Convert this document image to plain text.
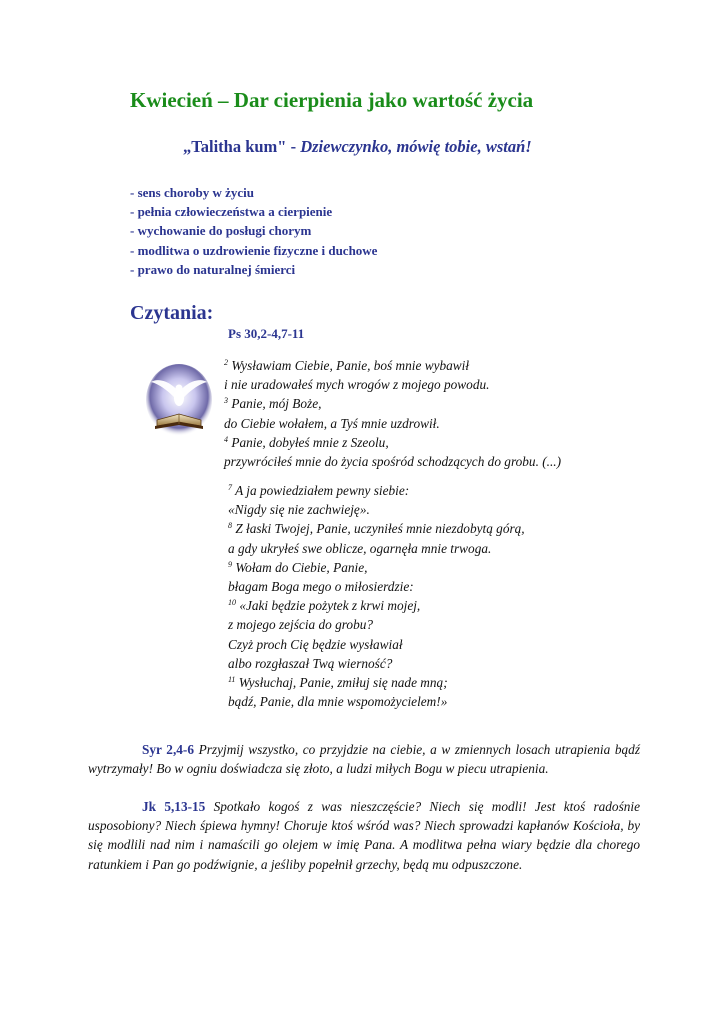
Kwiecień – Dar cierpienia jako wartość życia
„Talitha kum" - Dziewczynko, mówię tobie, wstań!
- sens choroby w życiu
- pełnia człowieczeństwa a cierpienie
- wychowanie do posługi chorym
- modlitwa o uzdrowienie fizyczne i duchowe
- prawo do naturalnej śmierci
Czytania:
Ps 30,2-4,7-11
$^2$ Wysławiam Ciebie, Panie, boś mnie wybawił
i nie uradowałeś mych wrogów z mojego powodu.
$^3$ Panie, mój Boże,
do Ciebie wołałem, a Tyś mnie uzdrowił.
$^4$ Panie, dobyłeś mnie z Szeolu,
przywróciłeś mnie do życia spośród schodzących do grobu. (...)
$^7$ A ja powiedziałem pewny siebie:
«Nigdy się nie zachwieję».
$^8$ Z łaski Twojej, Panie, uczyniłeś mnie niezdobytą górą,
a gdy ukryłeś swe oblicze, ogarnęła mnie trwoga.
$^9$ Wołam do Ciebie, Panie,
błagam Boga mego o miłosierdzie:
$^{10}$ «Jaki będzie pożytek z krwi mojej,
z mojego zejścia do grobu?
Czyż proch Cię będzie wysławiał
albo rozgłaszał Twą wierność?
$^{11}$ Wysłuchaj, Panie, zmiłuj się nade mną;
bądź, Panie, dla mnie wspomożycielem!»
Syr 2,4-6 Przyjmij wszystko, co przyjdzie na ciebie, a w zmiennych losach utrapienia bądź wytrzymały! Bo w ogniu doświadcza się złoto, a ludzi miłych Bogu w piecu utrapienia.
Jk 5,13-15 Spotkało kogoś z was nieszczęście? Niech się modli! Jest ktoś radośnie usposobiony? Niech śpiewa hymny! Choruje ktoś wśród was? Niech sprowadzi kapłanów Kościoła, by się modlili nad nim i namaścili go olejem w imię Pana. A modlitwa pełna wiary będzie dla chorego ratunkiem i Pan go podźwignie, a jeśliby popełnił grzechy, będą mu odpuszczone.
